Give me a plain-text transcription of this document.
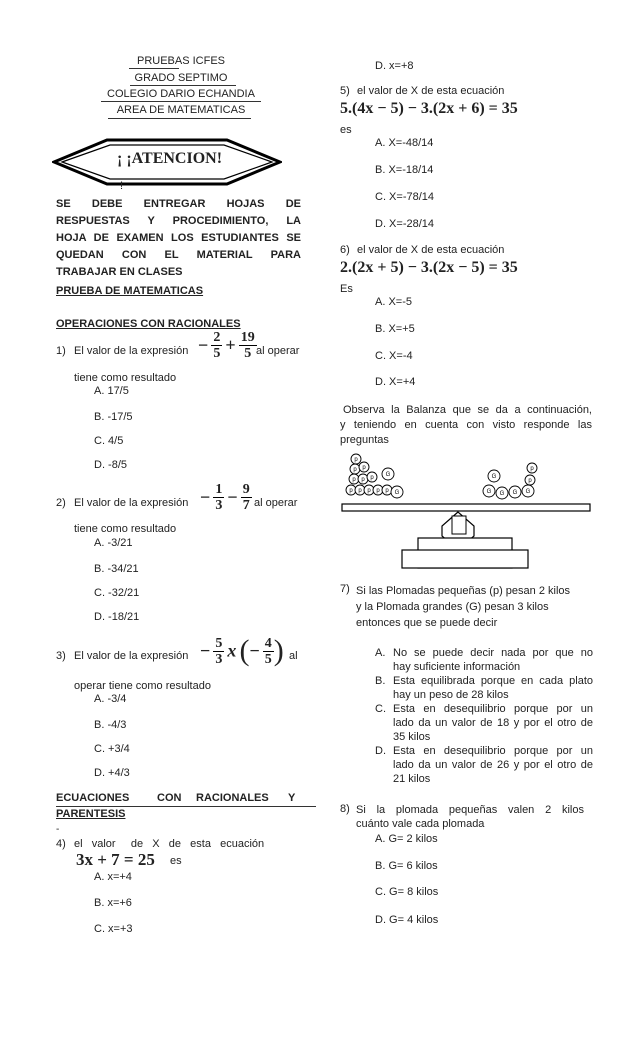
PRUEBAS ICFES
GRADO SEPTIMO
COLEGIO DARIO ECHANDIA
AREA DE MATEMATICAS
¡ ¡ATENCION!
!
SE DEBE ENTREGAR HOJAS DE
RESPUESTAS Y PROCEDIMIENTO, LA
HOJA DE EXAMEN LOS ESTUDIANTES SE
QUEDAN CON EL MATERIAL PARA
TRABAJAR EN CLASES
PRUEBA DE MATEMATICAS
OPERACIONES CON RACIONALES
1) El valor de la expresión − $\frac{2}{5} + \frac{19}{5}$ al operar
tiene como resultado
A. 17/5
B. -17/5
C. 4/5
D. -8/5
2) El valor de la expresión − $\frac{1}{3} - \frac{9}{7}$ al operar
tiene como resultado
A. -3/21
B. -34/21
C. -32/21
D. -18/21
3) El valor de la expresión − $\frac{5}{3}$ x (− $\frac{4}{5}$ ) al
operar tiene como resultado
A. -3/4
B. -4/3
C. +3/4
D. +4/3
ECUACIONES	CON RACIONALES Y
PARENTESIS
-
4) el   valor     de   X   de   esta   ecuación
3x + 7 = 25 es
A. x=+4
B. x=+6
C. x=+3
D. x=+8
5) el valor de X de esta ecuación
5.(4x − 5) − 3.(2x + 6) = 35
es
A. X=-48/14
B. X=-18/14
C. X=-78/14
D. X=-28/14
6) el valor de X de esta ecuación
2.(2x + 5) − 3.(2x − 5) = 35
Es
A. X=-5
B. X=+5
C. X=-4
D. X=+4
Observa la Balanza que se da a continuación,
y teniendo en cuenta con visto responde las
preguntas
p
p p
p p p G
p p p p p G
p
G
p
G G G G
7) Si las Plomadas pequeñas (p) pesan 2 kilos
y la Plomada grandes (G) pesan 3 kilos
entonces que se puede decir
A. No se puede decir nada por que no
hay suficiente información
B. Esta equilibrada porque en cada plato
hay un peso de 28 kilos
C. Esta en desequilibrio porque por un
lado da un valor de 18 y por el otro de
35 kilos
D. Esta en desequilibrio porque por un
lado da un valor de 26 y por el otro de
21 kilos
8) Si la plomada pequeñas valen 2 kilos
cuánto vale cada plomada
A. G= 2 kilos
B. G= 6 kilos
C. G= 8 kilos
D. G= 4 kilos
